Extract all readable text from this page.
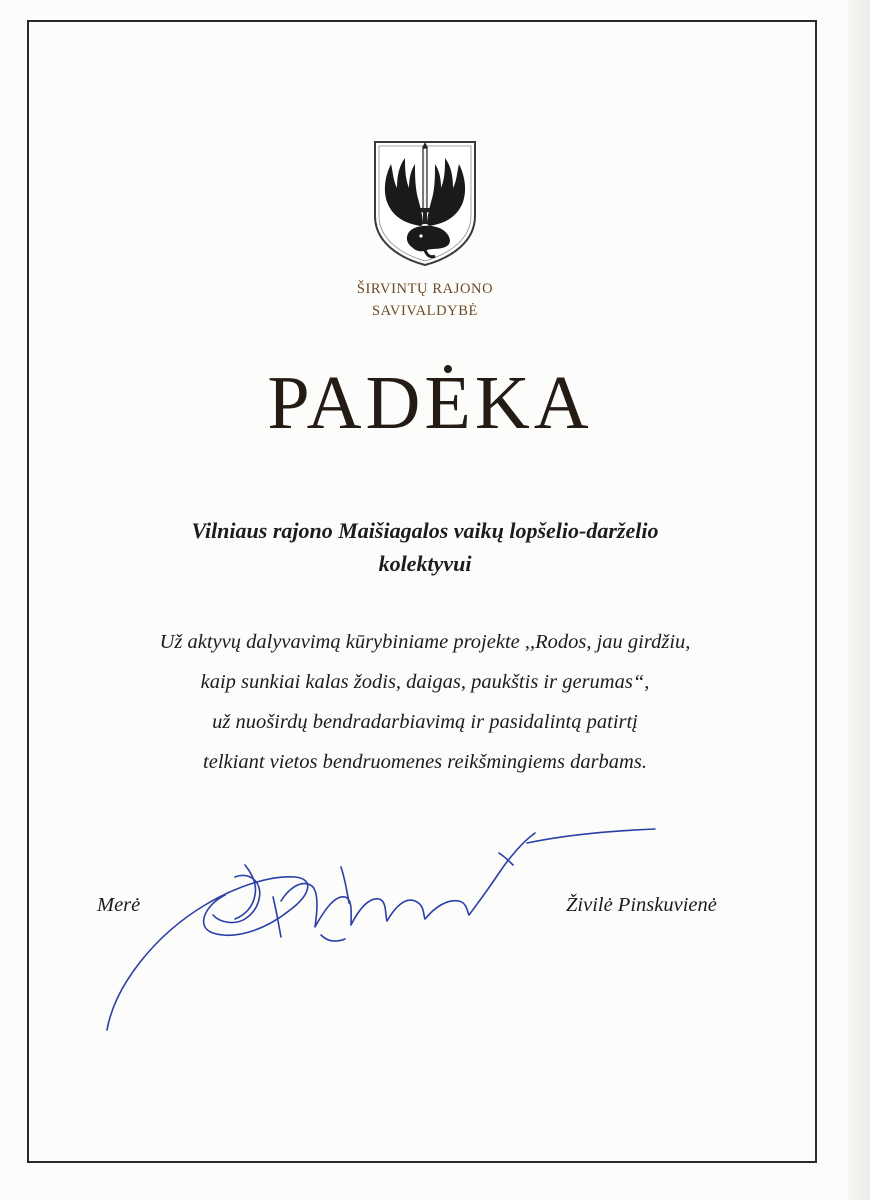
ŠIRVINTŲ RAJONO
SAVIVALDYBĖ
PADĖKA
Vilniaus rajono Maišiagalos vaikų lopšelio-darželio
kolektyvui
Už aktyvų dalyvavimą kūrybiniame projekte ,,Rodos, jau girdžiu,
kaip sunkiai kalas žodis, daigas, paukštis ir gerumas“,
už nuoširdų bendradarbiavimą ir pasidalintą patirtį
telkiant vietos bendruomenes reikšmingiems darbams.
Merė	Živilė Pinskuvienė
